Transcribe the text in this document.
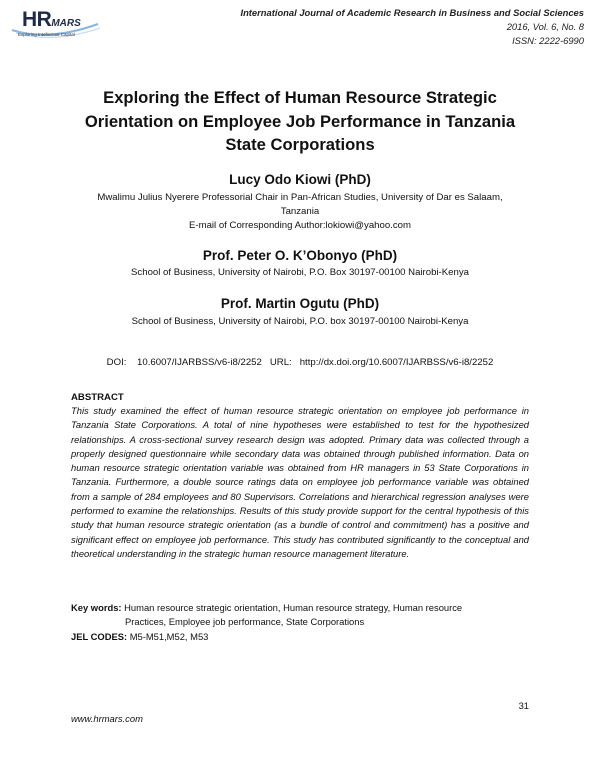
HRMARS
Exploring Intellectual Capital
International Journal of Academic Research in Business and Social Sciences
2016, Vol. 6, No. 8
ISSN: 2222-6990
Exploring the Effect of Human Resource Strategic
Orientation on Employee Job Performance in Tanzania
State Corporations
Lucy Odo Kiowi (PhD)
Mwalimu Julius Nyerere Professorial Chair in Pan-African Studies, University of Dar es Salaam,
Tanzania
E-mail of Corresponding Author:lokiowi@yahoo.com
Prof. Peter O. K’Obonyo (PhD)
School of Business, University of Nairobi, P.O. Box 30197-00100 Nairobi-Kenya
Prof. Martin Ogutu (PhD)
School of Business, University of Nairobi, P.O. box 30197-00100 Nairobi-Kenya
DOI:    10.6007/IJARBSS/v6-i8/2252   URL:   http://dx.doi.org/10.6007/IJARBSS/v6-i8/2252
ABSTRACT
This study examined the effect of human resource strategic orientation on employee job performance in Tanzania State Corporations. A total of nine hypotheses were established to test for the hypothesized relationships. A cross-sectional survey research design was adopted. Primary data was collected through a properly designed questionnaire while secondary data was obtained through published information. Data on human resource strategic orientation variable was obtained from HR managers in 53 State Corporations in Tanzania. Furthermore, a double source ratings data on employee job performance variable was obtained from a sample of 284 employees and 80 Supervisors. Correlations and hierarchical regression analyses were performed to examine the relationships. Results of this study provide support for the central hypothesis of this study that human resource strategic orientation (as a bundle of control and commitment) has a positive and significant effect on employee job performance. This study has contributed significantly to the conceptual and theoretical understanding in the strategic human resource management literature.
Key words: Human resource strategic orientation, Human resource strategy, Human resource
Practices, Employee job performance, State Corporations
JEL CODES: M5-M51,M52, M53
31
www.hrmars.com
